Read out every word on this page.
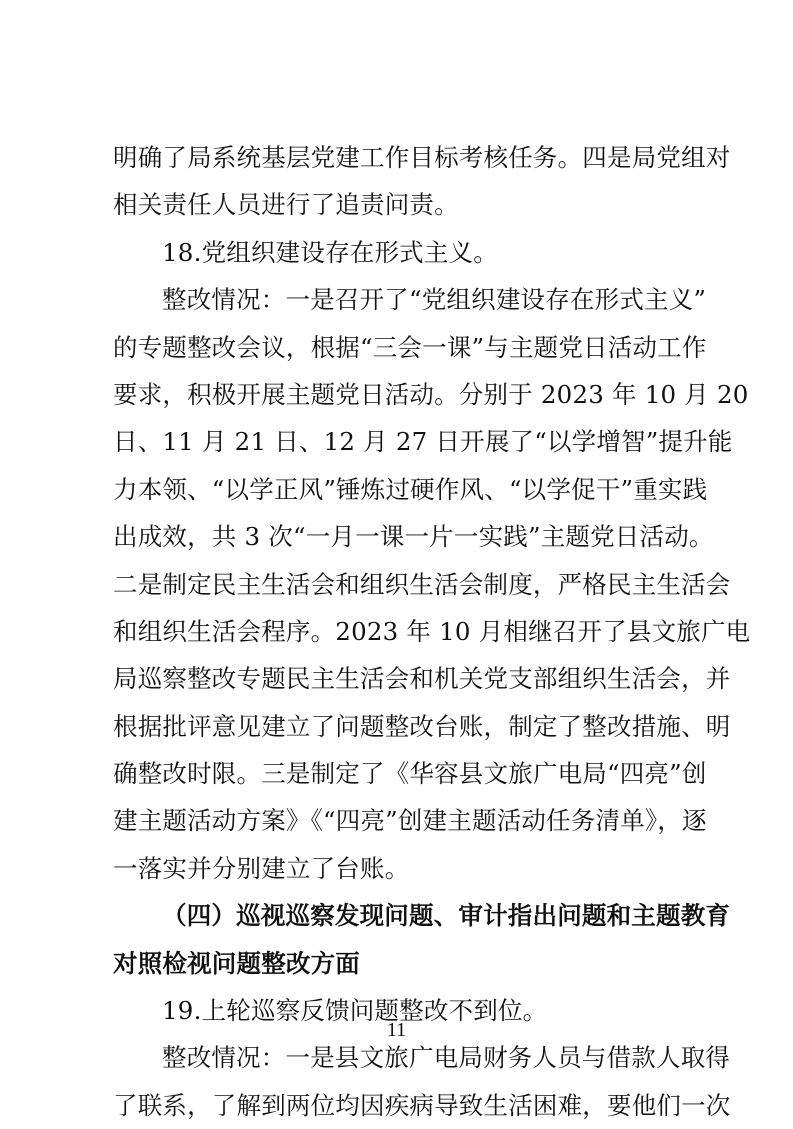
明确了局系统基层党建工作目标考核任务。四是局党组对
相关责任人员进行了追责问责。
18.党组织建设存在形式主义。
整改情况：一是召开了“党组织建设存在形式主义”
的专题整改会议，根据“三会一课”与主题党日活动工作
要求，积极开展主题党日活动。分别于 2023 年 10 月 20
日、11 月 21 日、12 月 27 日开展了“以学增智”提升能
力本领、“以学正风”锤炼过硬作风、“以学促干”重实践
出成效，共 3 次“一月一课一片一实践”主题党日活动。
二是制定民主生活会和组织生活会制度，严格民主生活会
和组织生活会程序。2023 年 10 月相继召开了县文旅广电
局巡察整改专题民主生活会和机关党支部组织生活会，并
根据批评意见建立了问题整改台账，制定了整改措施、明
确整改时限。三是制定了《华容县文旅广电局“四亮”创
建主题活动方案》《“四亮”创建主题活动任务清单》，逐
一落实并分别建立了台账。
（四）巡视巡察发现问题、审计指出问题和主题教育
对照检视问题整改方面
19.上轮巡察反馈问题整改不到位。
整改情况：一是县文旅广电局财务人员与借款人取得
了联系，了解到两位均因疾病导致生活困难，要他们一次
11
